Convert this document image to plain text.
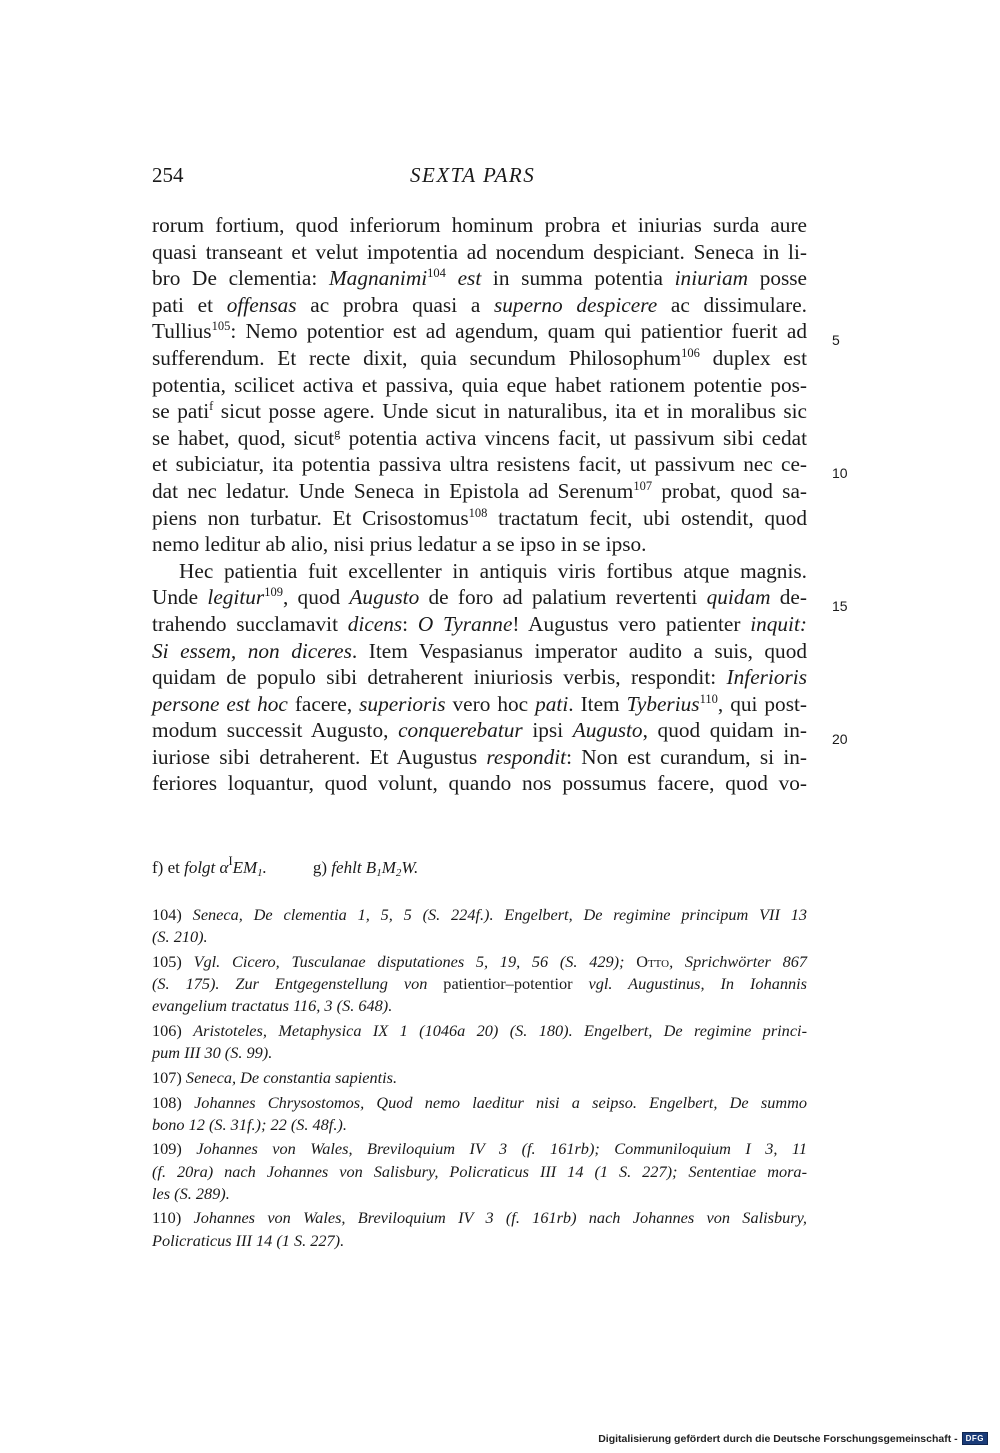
254	SEXTA PARS
rorum fortium, quod inferiorum hominum probra et iniurias surda aure
quasi transeant et velut impotentia ad nocendum despiciant. Seneca in li-
bro De clementia: Magnanimi$^{104}$ est in summa potentia iniuriam posse
pati et offensas ac probra quasi a superno despicere ac dissimulare.
Tullius$^{105}$: Nemo potentior est ad agendum, quam qui patientior fuerit ad
sufferendum. Et recte dixit, quia secundum Philosophum$^{106}$ duplex est
potentia, scilicet activa et passiva, quia eque habet rationem potentie pos-
se pati$^f$ sicut posse agere. Unde sicut in naturalibus, ita et in moralibus sic
se habet, quod, sicut$^g$ potentia activa vincens facit, ut passivum sibi cedat
et subiciatur, ita potentia passiva ultra resistens facit, ut passivum nec ce-
dat nec ledatur. Unde Seneca in Epistola ad Serenum$^{107}$ probat, quod sa-
piens non turbatur. Et Crisostomus$^{108}$ tractatum fecit, ubi ostendit, quod
nemo leditur ab alio, nisi prius ledatur a se ipso in se ipso.
Hec patientia fuit excellenter in antiquis viris fortibus atque magnis.
Unde legitur$^{109}$, quod Augusto de foro ad palatium revertenti quidam de-
trahendo succlamavit dicens: O Tyranne! Augustus vero patienter inquit:
Si essem, non diceres. Item Vespasianus imperator audito a suis, quod
quidam de populo sibi detraherent iniuriosis verbis, respondit: Inferioris
persone est hoc facere, superioris vero hoc pati. Item Tyberius$^{110}$, qui post-
modum successit Augusto, conquerebatur ipsi Augusto, quod quidam in-
iuriose sibi detraherent. Et Augustus respondit: Non est curandum, si in-
feriores loquantur, quod volunt, quando nos possumus facere, quod vo-
5
10
15
20
f) et folgt $\alpha^IEM_1$.	g) fehlt $B_1M_2W$.
104) Seneca, De clementia 1, 5, 5 (S. 224f.). Engelbert, De regimine principum VII 13
(S. 210).
105) Vgl. Cicero, Tusculanae disputationes 5, 19, 56 (S. 429); Otto, Sprichwörter 867
(S. 175). Zur Entgegenstellung von patientior–potentior vgl. Augustinus, In Iohannis
evangelium tractatus 116, 3 (S. 648).
106) Aristoteles, Metaphysica IX 1 (1046a 20) (S. 180). Engelbert, De regimine princi-
pum III 30 (S. 99).
107) Seneca, De constantia sapientis.
108) Johannes Chrysostomos, Quod nemo laeditur nisi a seipso. Engelbert, De summo
bono 12 (S. 31f.); 22 (S. 48f.).
109) Johannes von Wales, Breviloquium IV 3 (f. 161rb); Communiloquium I 3, 11
(f. 20ra) nach Johannes von Salisbury, Policraticus III 14 (1 S. 227); Sententiae mora-
les (S. 289).
110) Johannes von Wales, Breviloquium IV 3 (f. 161rb) nach Johannes von Salisbury,
Policraticus III 14 (1 S. 227).
Digitalisierung gefördert durch die Deutsche Forschungsgemeinschaft -	DFG
